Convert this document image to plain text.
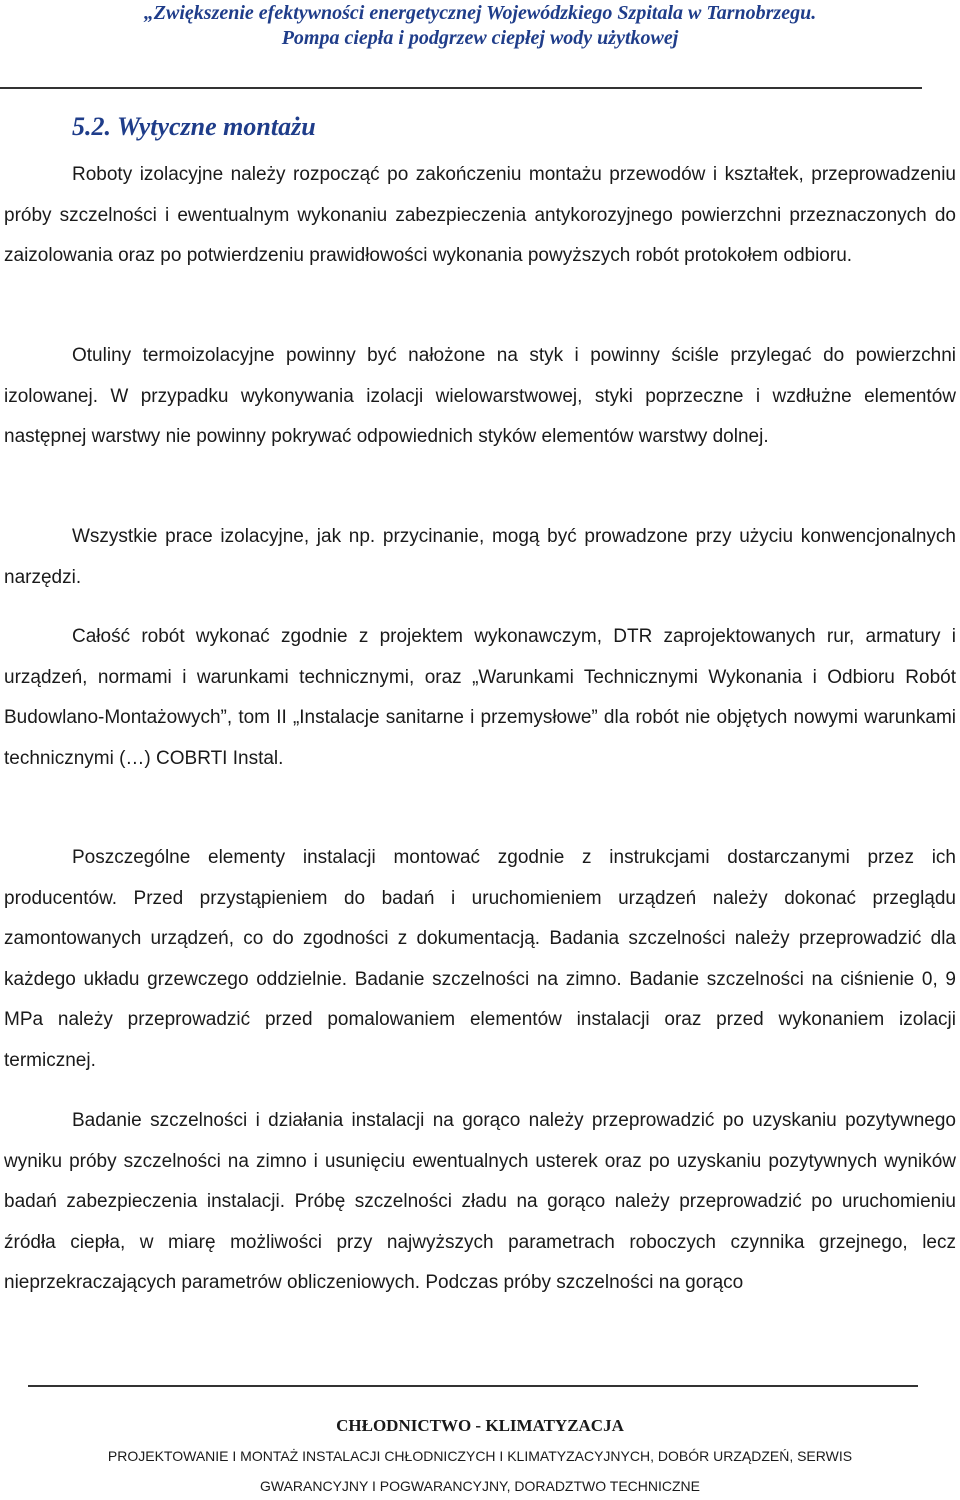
„Zwiększenie efektywności energetycznej Wojewódzkiego Szpitala w Tarnobrzegu.
Pompa ciepła i podgrzew ciepłej wody użytkowej
5.2. Wytyczne montażu

Roboty izolacyjne należy rozpocząć po zakończeniu montażu przewodów i kształtek, przeprowadzeniu próby szczelności i ewentualnym wykonaniu zabezpieczenia antykorozyjnego powierzchni przeznaczonych do zaizolowania oraz po potwierdzeniu prawidłowości wykonania powyższych robót protokołem odbioru.

Otuliny termoizolacyjne powinny być nałożone na styk i powinny ściśle przylegać do powierzchni izolowanej. W przypadku wykonywania izolacji wielowarstwowej, styki poprzeczne i wzdłużne elementów następnej warstwy nie powinny pokrywać odpowiednich styków elementów warstwy dolnej.

Wszystkie prace izolacyjne, jak np. przycinanie, mogą być prowadzone przy użyciu konwencjonalnych narzędzi.

Całość robót wykonać zgodnie z projektem wykonawczym, DTR zaprojektowanych rur, armatury i urządzeń, normami i warunkami technicznymi, oraz „Warunkami Technicznymi Wykonania i Odbioru Robót Budowlano-Montażowych”, tom II „Instalacje sanitarne i przemysłowe” dla robót nie objętych nowymi warunkami technicznymi (…) COBRTI Instal.

Poszczególne elementy instalacji montować zgodnie z instrukcjami dostarczanymi przez ich producentów. Przed przystąpieniem do badań i uruchomieniem urządzeń należy dokonać przeglądu zamontowanych urządzeń, co do zgodności z dokumentacją. Badania szczelności należy przeprowadzić dla każdego układu grzewczego oddzielnie. Badanie szczelności na zimno. Badanie szczelności na ciśnienie 0, 9 MPa należy przeprowadzić przed pomalowaniem elementów instalacji oraz przed wykonaniem izolacji termicznej.

Badanie szczelności i działania instalacji na gorąco należy przeprowadzić po uzyskaniu pozytywnego wyniku próby szczelności na zimno i usunięciu ewentualnych usterek oraz po uzyskaniu pozytywnych wyników badań zabezpieczenia instalacji. Próbę szczelności zładu na gorąco należy przeprowadzić po uruchomieniu źródła ciepła, w miarę możliwości przy najwyższych parametrach roboczych czynnika grzejnego, lecz nieprzekraczających parametrów obliczeniowych. Podczas próby szczelności na gorąco

CHŁODNICTWO - KLIMATYZACJA
PROJEKTOWANIE I MONTAŻ INSTALACJI CHŁODNICZYCH I KLIMATYZACYJNYCH, DOBÓR URZĄDZEŃ, SERWIS
GWARANCYJNY I POGWARANCYJNY, DORADZTWO TECHNICZNE
